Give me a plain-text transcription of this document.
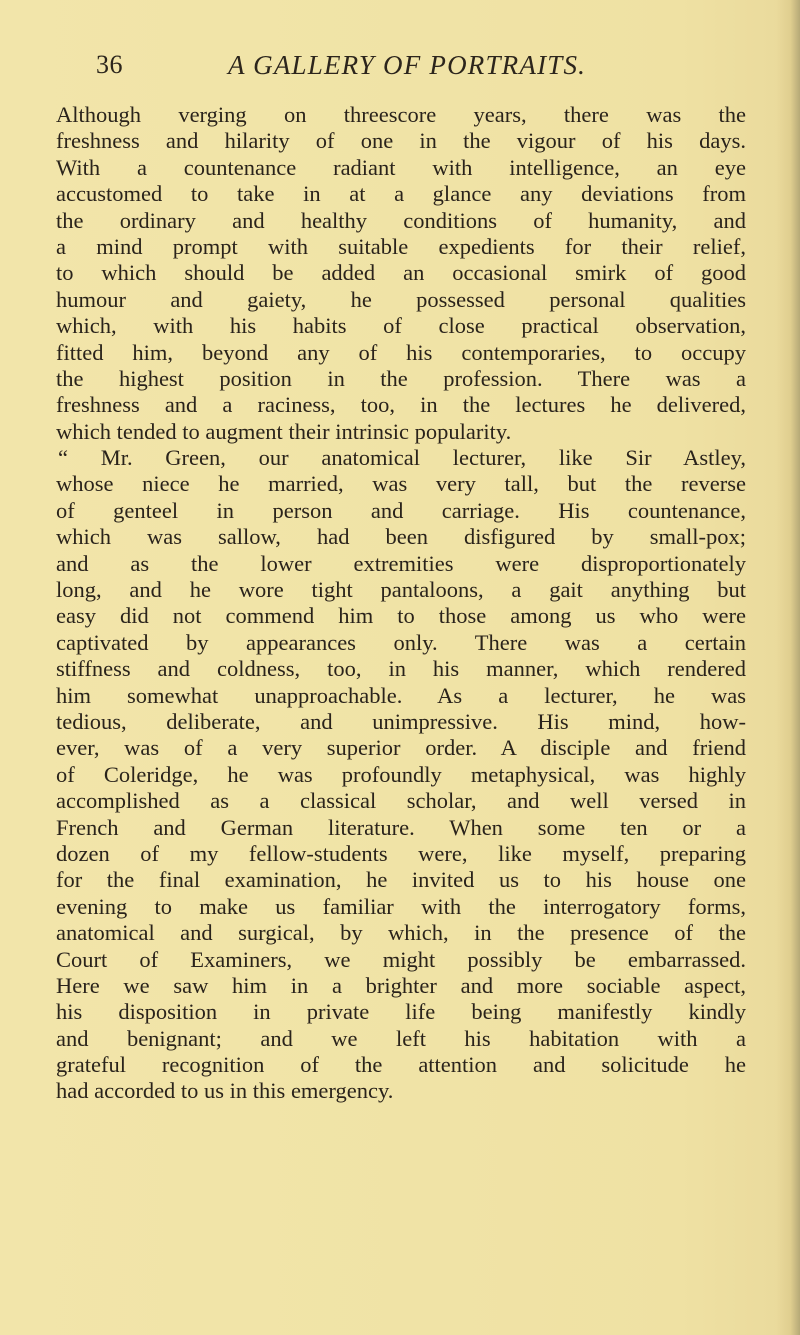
36	A GALLERY OF PORTRAITS.
Although verging on threescore years, there was the
freshness and hilarity of one in the vigour of his days.
With a countenance radiant with intelligence, an eye
accustomed to take in at a glance any deviations from
the ordinary and healthy conditions of humanity, and
a mind prompt with suitable expedients for their relief,
to which should be added an occasional smirk of good
humour and gaiety, he possessed personal qualities
which, with his habits of close practical observation,
fitted him, beyond any of his contemporaries, to occupy
the highest position in the profession. There was a
freshness and a raciness, too, in the lectures he delivered,
which tended to augment their intrinsic popularity.
“ Mr. Green, our anatomical lecturer, like Sir Astley,
whose niece he married, was very tall, but the reverse
of genteel in person and carriage. His countenance,
which was sallow, had been disfigured by small-pox;
and as the lower extremities were disproportionately
long, and he wore tight pantaloons, a gait anything but
easy did not commend him to those among us who were
captivated by appearances only. There was a certain
stiffness and coldness, too, in his manner, which rendered
him somewhat unapproachable. As a lecturer, he was
tedious, deliberate, and unimpressive. His mind, how-
ever, was of a very superior order. A disciple and friend
of Coleridge, he was profoundly metaphysical, was highly
accomplished as a classical scholar, and well versed in
French and German literature. When some ten or a
dozen of my fellow-students were, like myself, preparing
for the final examination, he invited us to his house one
evening to make us familiar with the interrogatory forms,
anatomical and surgical, by which, in the presence of the
Court of Examiners, we might possibly be embarrassed.
Here we saw him in a brighter and more sociable aspect,
his disposition in private life being manifestly kindly
and benignant; and we left his habitation with a
grateful recognition of the attention and solicitude he
had accorded to us in this emergency.
